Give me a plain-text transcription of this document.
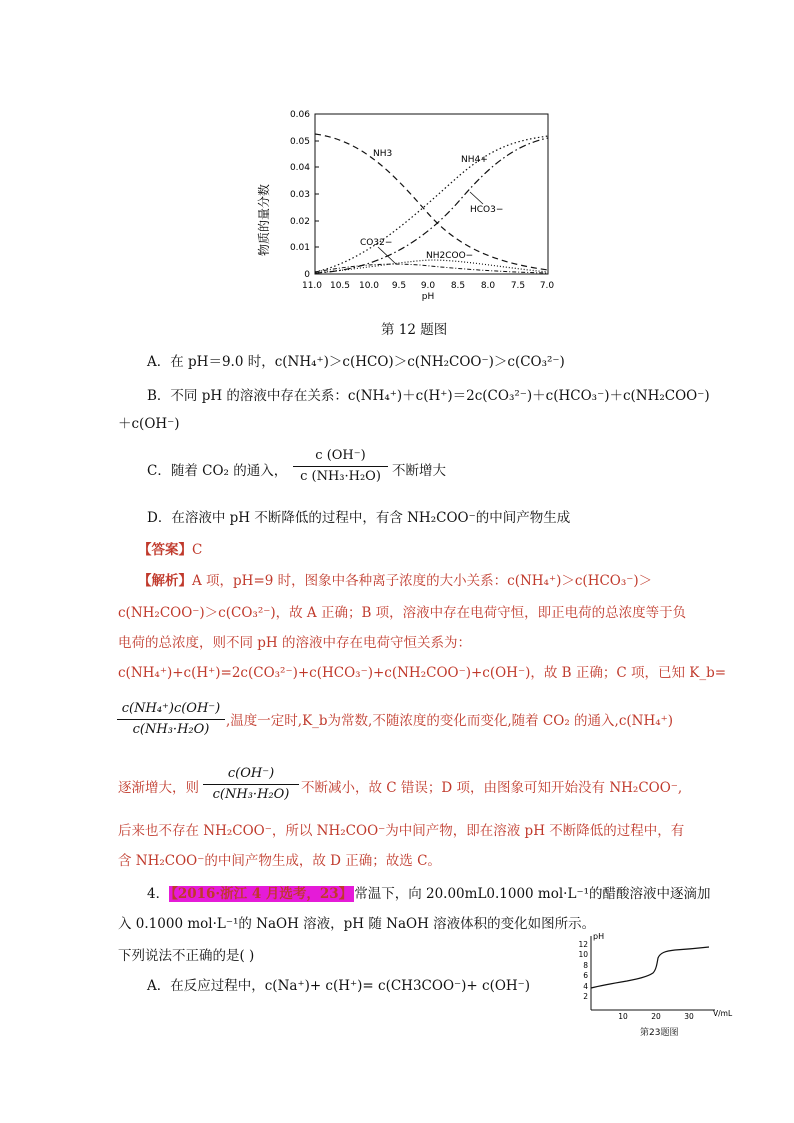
物质的量分数
0.06
0.05
0.04
0.03
0.02
0.01
0
11.0 10.5 10.0 9.5 9.0 8.5 8.0 7.5 7.0
pH
NH3
NH4+
HCO3−
CO32−
NH2COO−
第 12 题图
A．在 pH＝9.0 时，c(NH₄⁺)＞c(HCO)＞c(NH₂COO⁻)＞c(CO₃²⁻)
B．不同 pH 的溶液中存在关系：c(NH₄⁺)＋c(H⁺)＝2c(CO₃²⁻)＋c(HCO₃⁻)＋c(NH₂COO⁻)
＋c(OH⁻)
C．随着 CO₂ 的通入，
c (OH⁻)
c (NH₃·H₂O) 不断增大
D．在溶液中 pH 不断降低的过程中，有含 NH₂COO⁻的中间产物生成
【答案】C
【解析】A 项，pH=9 时，图象中各种离子浓度的大小关系：c(NH₄⁺)＞c(HCO₃⁻)＞
c(NH₂COO⁻)＞c(CO₃²⁻)，故 A 正确；B 项，溶液中存在电荷守恒，即正电荷的总浓度等于负
电荷的总浓度，则不同 pH 的溶液中存在电荷守恒关系为：
c(NH₄⁺)+c(H⁺)=2c(CO₃²⁻)+c(HCO₃⁻)+c(NH₂COO⁻)+c(OH⁻)，故 B 正确；C 项，已知 K_b=
c(NH₄⁺)c(OH⁻)
c(NH₃·H₂O)
,温度一定时,K_b为常数,不随浓度的变化而变化,随着 CO₂ 的通入,c(NH₄⁺)
逐渐增大，则
c(OH⁻)
c(NH₃·H₂O) 不断减小，故 C 错误；D 项，由图象可知开始没有 NH₂COO⁻,
后来也不存在 NH₂COO⁻，所以 NH₂COO⁻为中间产物，即在溶液 pH 不断降低的过程中，有
含 NH₂COO⁻的中间产物生成，故 D 正确；故选 C。
4． 【2016·浙江 4 月选考，23】 常温下，向 20.00mL0.1000 mol·L⁻¹的醋酸溶液中逐滴加
入 0.1000 mol·L⁻¹的 NaOH 溶液，pH 随 NaOH 溶液体积的变化如图所示。
下列说法不正确的是( )
A．在反应过程中，c(Na⁺)+ c(H⁺)= c(CH3COO⁻)+ c(OH⁻)
pH
V/mL
12
10
8
6
4
2
10	20	30
第23题图
